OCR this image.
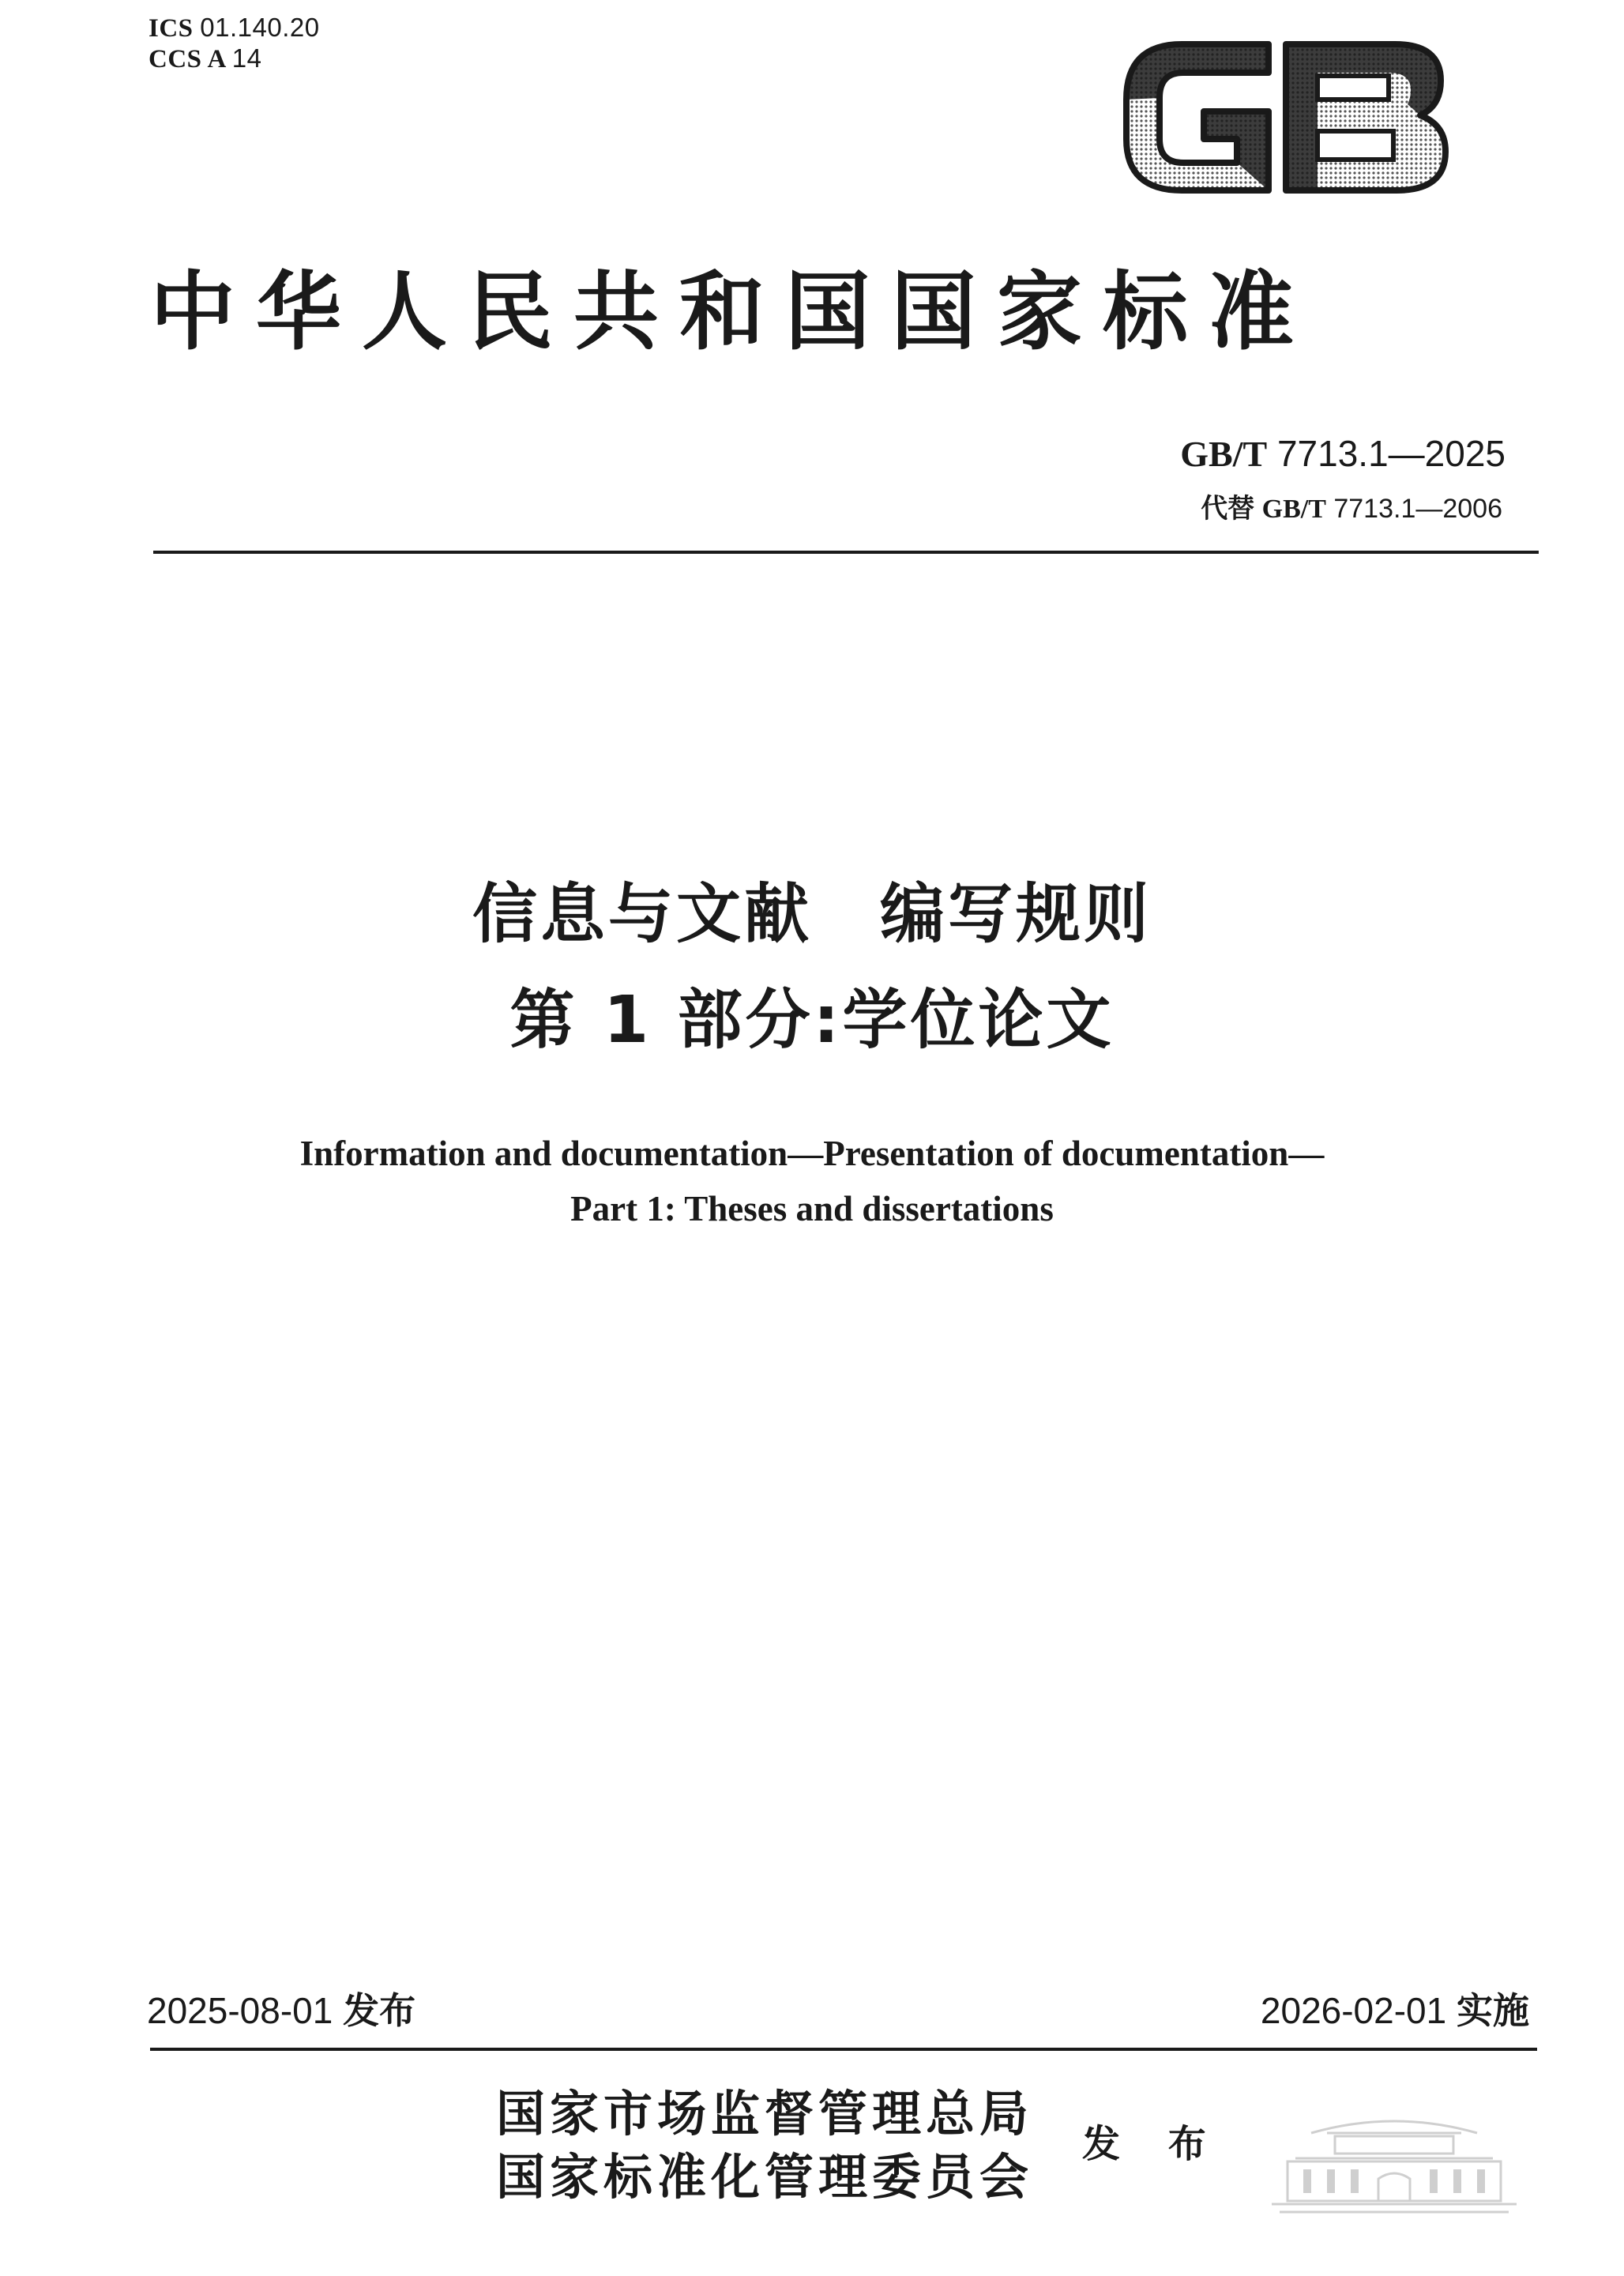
ICS 01.140.20
CCS A 14
中华人民共和国国家标准
GB/T 7713.1—2025
代替 GB/T 7713.1—2006
信息与文献　编写规则
第 1 部分:学位论文
Information and documentation—Presentation of documentation—
Part 1: Theses and dissertations
2025-08-01 发布	2026-02-01 实施
国家市场监督管理总局
国家标准化管理委员会
发 布
